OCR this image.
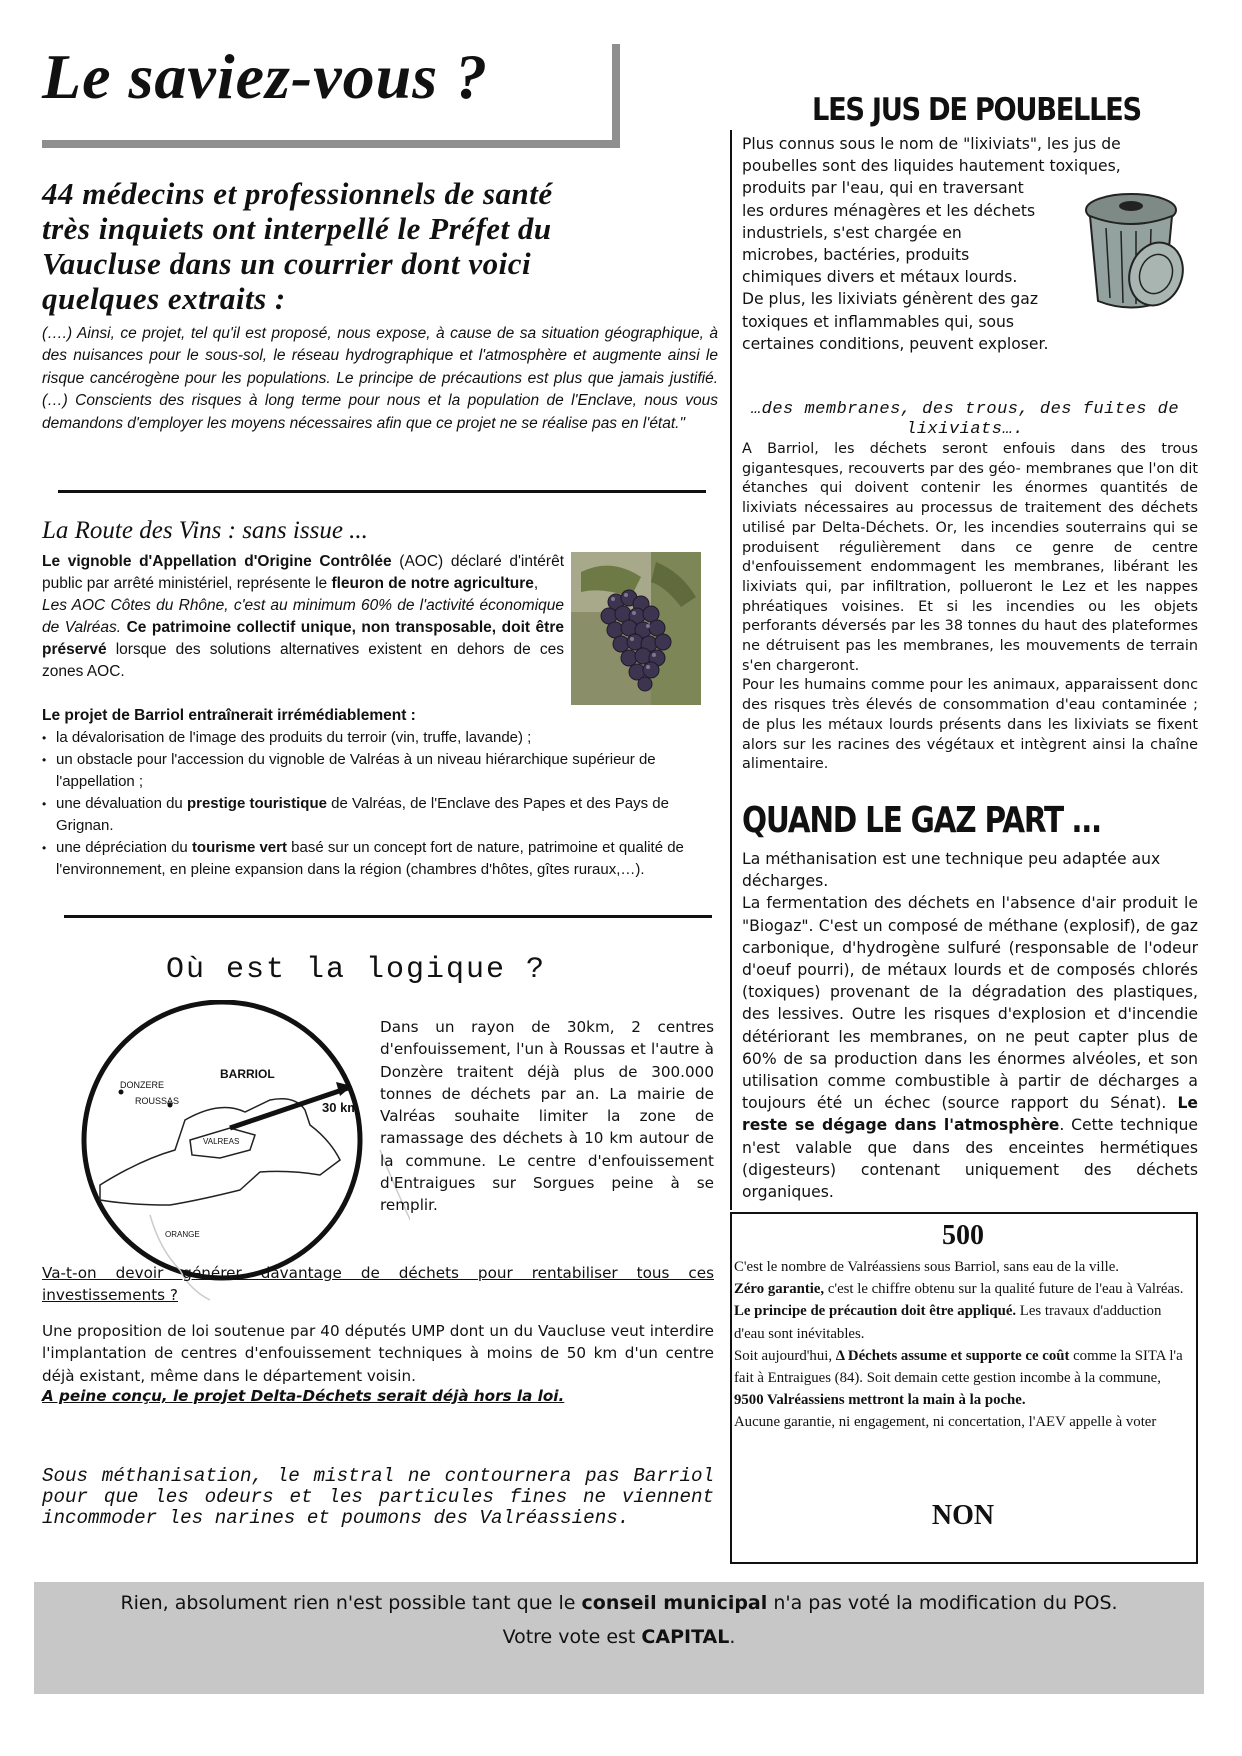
Le saviez-vous ?
44 médecins et professionnels de santé
très inquiets ont interpellé le Préfet du
Vaucluse dans un courrier dont voici
quelques extraits :

(….) Ainsi, ce projet, tel qu'il est proposé, nous expose, à cause de sa situation géographique, à des nuisances pour le sous-sol, le réseau hydrographique et l'atmosphère et augmente ainsi le risque cancérogène pour les populations. Le principe de précautions est plus que jamais justifié. (…) Conscients des risques à long terme pour nous et la population de l'Enclave, nous vous demandons d'employer les moyens nécessaires afin que ce projet ne se réalise pas en l'état."

La Route des Vins : sans issue ...

Le vignoble d'Appellation d'Origine Contrôlée (AOC) déclaré d'intérêt public par arrêté ministériel, représente le fleuron de notre agriculture,

Les AOC Côtes du Rhône, c'est au minimum 60% de l'activité économique de Valréas. Ce patrimoine collectif unique, non transposable, doit être préservé lorsque des solutions alternatives existent en dehors de ces zones AOC.

Le projet de Barriol entraînerait irrémédiablement :
• la dévalorisation de l'image des produits du terroir (vin, truffe, lavande) ;
• un obstacle pour l'accession du vignoble de Valréas à un niveau hiérarchique supérieur de l'appellation ;
• une dévaluation du prestige touristique de Valréas, de l'Enclave des Papes et des Pays de Grignan.
• une dépréciation du tourisme vert basé sur un concept fort de nature, patrimoine et qualité de l'environnement, en pleine expansion dans la région (chambres d'hôtes, gîtes ruraux,…).
Où est la logique ?
DONZERE
ROUSSAS
BARRIOL
VALREAS
30 km
ORANGE

Dans un rayon de 30km, 2 centres d'enfouissement, l'un à Roussas et l'autre à Donzère traitent déjà plus de 300.000 tonnes de déchets par an. La mairie de Valréas souhaite limiter la zone de ramassage des déchets à 10 km autour de la commune. Le centre d'enfouissement d'Entraigues sur Sorgues peine à se remplir.

Va-t-on devoir générer davantage de déchets pour rentabiliser tous ces investissements ?

Une proposition de loi soutenue par 40 députés UMP dont un du Vaucluse veut interdire l'implantation de centres d'enfouissement techniques à moins de 50 km d'un centre déjà existant, même dans le département voisin.

A peine conçu, le projet Delta-Déchets serait déjà hors la loi.

Sous méthanisation, le mistral ne contournera pas Barriol pour que les odeurs et les particules fines ne viennent incommoder les narines et poumons des Valréassiens.

LES JUS DE POUBELLES
Plus connus sous le nom de "lixiviats", les jus de
poubelles sont des liquides hautement toxiques,
produits par l'eau, qui en traversant
les ordures ménagères et les déchets
industriels, s'est chargée en
microbes, bactéries, produits
chimiques divers et métaux lourds.
De plus, les lixiviats génèrent des gaz
toxiques et inflammables qui, sous
certaines conditions, peuvent exploser.
…des membranes, des trous, des fuites de lixiviats….

A Barriol, les déchets seront enfouis dans des trous gigantesques, recouverts par des géo- membranes que l'on dit étanches qui doivent contenir les énormes quantités de lixiviats nécessaires au processus de traitement des déchets utilisé par Delta-Déchets. Or, les incendies souterrains qui se produisent régulièrement dans ce genre de centre d'enfouissement endommagent les membranes, libérant les lixiviats qui, par infiltration, pollueront le Lez et les nappes phréatiques voisines. Et si les incendies ou les objets perforants déversés par les 38 tonnes du haut des plateformes ne détruisent pas les membranes, les mouvements de terrain s'en chargeront.

Pour les humains comme pour les animaux, apparaissent donc des risques très élevés de consommation d'eau contaminée ; de plus les métaux lourds présents dans les lixiviats se fixent alors sur les racines des végétaux et intègrent ainsi la chaîne alimentaire.

QUAND LE GAZ PART …

La méthanisation est une technique peu adaptée aux décharges.

La fermentation des déchets en l'absence d'air produit le "Biogaz". C'est un composé de méthane (explosif), de gaz carbonique, d'hydrogène sulfuré (responsable de l'odeur d'oeuf pourri), de métaux lourds et de composés chlorés (toxiques) provenant de la dégradation des plastiques, des lessives. Outre les risques d'explosion et d'incendie détériorant les membranes, on ne peut capter plus de 60% de sa production dans les énormes alvéoles, et son utilisation comme combustible à partir de décharges a toujours été un échec (source rapport du Sénat). Le reste se dégage dans l'atmosphère. Cette technique n'est valable que dans des enceintes hermétiques (digesteurs) contenant uniquement des déchets organiques.

500

C'est le nombre de Valréassiens sous Barriol, sans eau de la ville.

Zéro garantie, c'est le chiffre obtenu sur la qualité future de l'eau à Valréas.

Le principe de précaution doit être appliqué. Les travaux d'adduction d'eau sont inévitables.

Soit aujourd'hui, Δ Déchets assume et supporte ce coût comme la SITA l'a fait à Entraigues (84). Soit demain cette gestion incombe à la commune,

9500 Valréassiens mettront la main à la poche.

Aucune garantie, ni engagement, ni concertation, l'AEV appelle à voter

NON
Rien, absolument rien n'est possible tant que le conseil municipal n'a pas voté la modification du POS.
Votre vote est CAPITAL.
